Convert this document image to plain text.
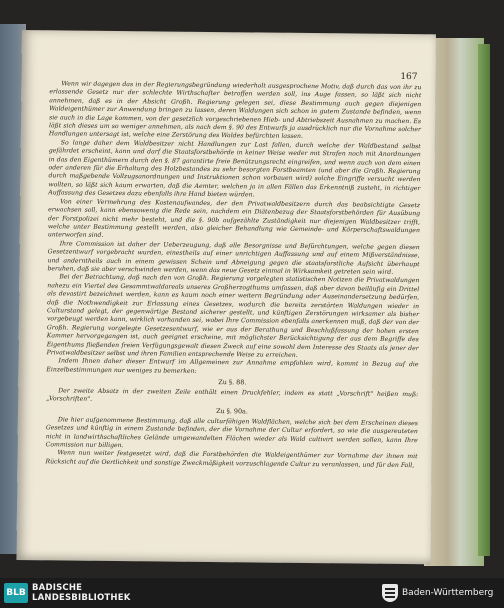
167

Wenn wir dagegen das in der Regierungsbegründung wiederholt ausgesprochene Motiv, daß durch das von ihr zu erlassende Gesetz nur der schlechte Wirthschafter betroffen werden soll, ins Auge fassen, so läßt sich nicht annehmen, daß es in der Absicht Großh. Regierung gelegen sei, diese Bestimmung auch gegen diejenigen Waldeigenthümer zur Anwendung bringen zu lassen, deren Waldungen sich schon in gutem Zustande befinden, wenn sie auch in die Lage kommen, von der gesetzlich vorgeschriebenen Hieb- und Abtriebszeit Ausnahmen zu machen. Es läßt sich dieses um so weniger annehmen, als nach dem §. 90 des Entwurfs ja ausdrücklich nur die Vornahme solcher Handlungen untersagt ist, welche eine Zerstörung des Waldes befürchten lassen.

So lange daher dem Waldbesitzer nicht Handlungen zur Last fallen, durch welche der Waldbestand selbst gefährdet erscheint, kann und darf die Staatsforstbehörde in keiner Weise weder mit Strafen noch mit Anordnungen in das den Eigenthümern durch den §. 87 garantirte freie Benützungsrecht eingreifen, und wenn auch von dem einen oder anderen für die Erhaltung des Holzbestandes zu sehr besorgten Forstbeamten (und aber die Großh. Regierung durch maßgebende Vollzugsanordnungen und Instruktionen schon vorbauen wird) solche Eingriffe versucht werden wollten, so läßt sich kaum erwarten, daß die Aemter, welchen ja in allen Fällen das Erkenntniß zusteht, in richtiger Auffassung des Gesetzes dazu ebenfalls ihre Hand bieten würden.

Von einer Vermehrung des Kostenaufwandes, der den Privatwaldbesitzern durch das beabsichtigte Gesetz erwachsen soll, kann ebensowenig die Rede sein, nachdem ein Diätenbezug der Staatsforstbehörden für Ausübung der Forstpolizei nicht mehr besteht, und die §. 90b aufgezählte Zuständigkeit nur diejenigen Waldbesitzer trifft, welche unter Bestimmung gestellt werden, also gleicher Behandlung wie Gemeinde- und Körperschaftswaldungen unterworfen sind.

Ihre Commission ist daher der Ueberzeugung, daß alle Besorgnisse und Befürchtungen, welche gegen diesen Gesetzentwurf vorgebracht wurden, einestheils auf einer unrichtigen Auffassung und auf einem Mißverständnisse, und anderntheils auch in einem gewissen Schein und Abneigung gegen die staatsforstliche Aufsicht überhaupt beruhen, daß sie aber verschwinden werden, wenn das neue Gesetz einmal in Wirksamkeit getreten sein wird.

Bei der Betrachtung, daß nach den von Großh. Regierung vorgelegten statistischen Notizen die Privatwaldungen nahezu ein Viertel des Gesammtwaldareals unseres Großherzogthums umfassen, daß aber davon beiläufig ein Drittel als devastirt bezeichnet werden, kann es kaum noch einer weitern Begründung oder Auseinandersetzung bedürfen, daß die Nothwendigkeit zur Erlassung eines Gesetzes, wodurch die bereits zerstörten Waldungen wieder in Culturstand gelegt, der gegenwärtige Bestand sicherer gestellt, und künftigen Zerstörungen wirksamer als bisher vorgebeugt werden kann, wirklich vorhanden sei, wobei Ihre Commission ebenfalls anerkennen muß, daß der von der Großh. Regierung vorgelegte Gesetzesentwurf, wie er aus der Berathung und Beschlußfassung der hohen ersten Kammer hervorgegangen ist, auch geeignet erscheine, mit möglichster Berücksichtigung der aus dem Begriffe des Eigenthums fließenden freien Verfügungsgewalt diesen Zweck auf eine sowohl dem Interesse des Staats als jener der Privatwaldbesitzer selbst und ihren Familien entsprechende Weise zu erreichen.

Indem Ihnen daher dieser Entwurf im Allgemeinen zur Annahme empfohlen wird, kommt in Bezug auf die Einzelbestimmungen nur weniges zu bemerken:

Zu §. 88.

Der zweite Absatz in der zweiten Zeile enthält einen Druckfehler, indem es statt „Vorschrift" heißen muß: „Vorschriften".

Zu §. 90a.

Die hier aufgenommene Bestimmung, daß alle culturfähigen Waldflächen, welche sich bei dem Erscheinen dieses Gesetzes und künftig in einem Zustande befinden, der die Vornahme der Cultur erfordert, so wie die ausgereuteten nicht in landwirthschaftliches Gelände umgewandelten Flächen wieder als Wald cultivirt werden sollen, kann Ihre Commission nur billigen.

Wenn nun weiter festgesetzt wird, daß die Forstbehörden die Waldeigenthümer zur Vornahme der ihnen mit Rücksicht auf die Oertlichkeit und sonstige Zweckmäßigkeit vorzuschlagende Cultur zu veranlassen, und für den Fall,

BLB BADISCHE
LANDESBIBLIOTHEK	Baden-Württemberg
